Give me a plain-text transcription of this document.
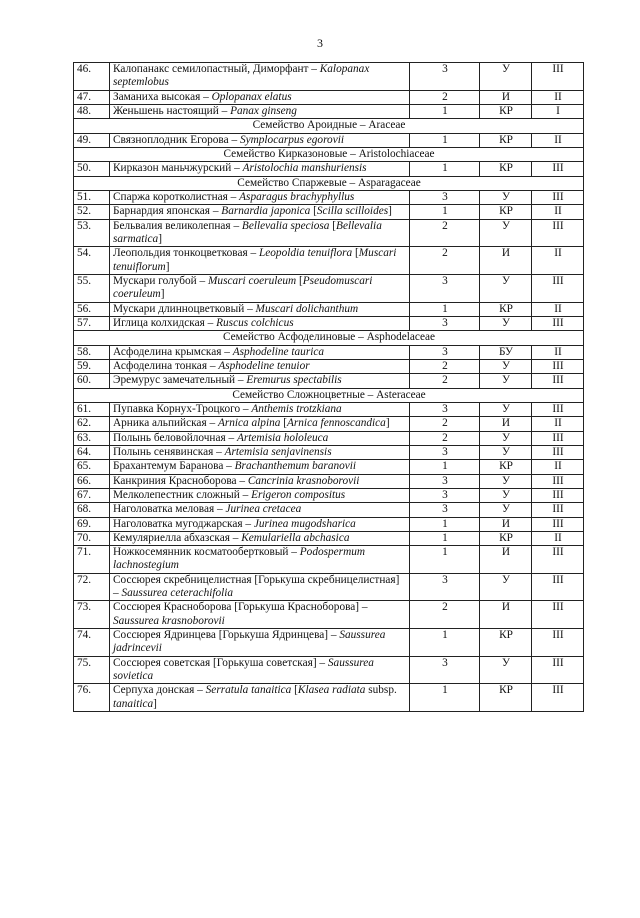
3
46.	Калопанакс семилопастный, Диморфант – Kalopanax septemlobus	3	У	III
47.	Заманиха высокая – Oplopanax elatus	2	И	II
48.	Женьшень настоящий – Panax ginseng	1	КР	I
Семейство Ароидные – Araceae				
49.	Связноплодник Егорова – Symplocarpus egorovii	1	КР	II
Семейство Кирказоновые – Aristolochiaceae				
50.	Кирказон маньчжурский – Aristolochia manshuriensis	1	КР	III
Семейство Спаржевые – Asparagaceae				
51.	Спаржа коротколистная – Asparagus brachyphyllus	3	У	III
52.	Барнардия японская – Barnardia japonica [Scilla scilloides]	1	КР	II
53.	Бельвалия великолепная – Bellevalia speciosa [Bellevalia sarmatica]	2	У	III
54.	Леопольдия тонкоцветковая – Leopoldia tenuiflora [Muscari tenuiflorum]	2	И	II
55.	Мускари голубой – Muscari coeruleum [Pseudomuscari coeruleum]	3	У	III
56.	Мускари длинноцветковый – Muscari dolichanthum	1	КР	II
57.	Иглица колхидская – Ruscus colchicus	3	У	III
Семейство Асфоделиновые – Asphodelaceae				
58.	Асфоделина крымская – Asphodeline taurica	3	БУ	II
59.	Асфоделина тонкая – Asphodeline tenuior	2	У	III
60.	Эремурус замечательный – Eremurus spectabilis	2	У	III
Семейство Сложноцветные – Asteraceae				
61.	Пупавка Корнух-Троцкого – Anthemis trotzkiana	3	У	III
62.	Арника альпийская – Arnica alpina [Arnica fennoscandica]	2	И	II
63.	Полынь беловойлочная – Artemisia hololeuca	2	У	III
64.	Полынь сенявинская – Artemisia senjavinensis	3	У	III
65.	Брахантемум Баранова – Brachanthemum baranovii	1	КР	II
66.	Канкриния Красноборова – Cancrinia krasnoborovii	3	У	III
67.	Мелколепестник сложный – Erigeron compositus	3	У	III
68.	Наголоватка меловая – Jurinea cretacea	3	У	III
69.	Наголоватка мугоджарская – Jurinea mugodsharica	1	И	III
70.	Кемуляриелла абхазская – Kemulariella abchasica	1	КР	II
71.	Ножкосемянник косматообертковый – Podospermum lachnostegium	1	И	III
72.	Соссюрея скребницелистная [Горькуша скребницелистная] – Saussurea ceterachifolia	3	У	III
73.	Соссюрея Красноборова [Горькуша Красноборова] – Saussurea krasnoborovii	2	И	III
74.	Соссюрея Ядринцева [Горькуша Ядринцева] – Saussurea jadrincevii	1	КР	III
75.	Соссюрея советская [Горькуша советская] – Saussurea sovietica	3	У	III
76.	Серпуха донская – Serratula tanaitica [Klasea radiata subsp. tanaitica]	1	КР	III
